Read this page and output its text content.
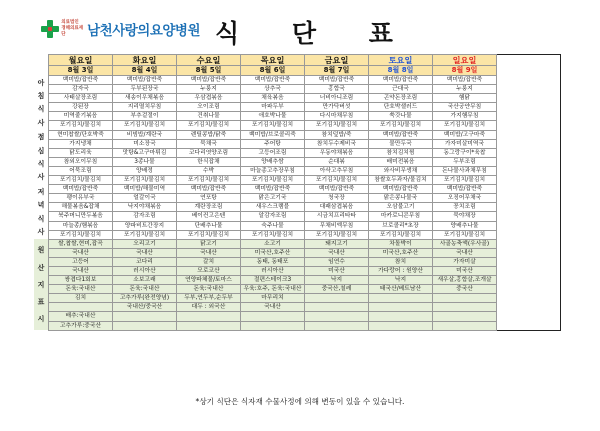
의료법인
경해의료재단	남천사랑의요양병원 식 단 표
아
침
식
사
점
심
식
사
저
녁
식
사
원
산
지
표
시
월요일	화요일	수요일	목요일	금요일	토요일	일요일
8월 3일	8월 4일	8월 5일	8월 6일	8월 7일	8월 8일	8월 9일
백미밥/잡반죽	백미밥/잡반죽	백미밥/잡반죽	백미밥/잡반죽	백미밥/잡반죽	백미밥/잡반죽	백미밥/잡반죽
감자국	두부된장국	누룽지	상추국	홍합국	근대국	누룽지
사태살장조림	새송이우채볶음	우삼겹볶음	채육볶음	너비아니조림	곤약돈장조림	햄닭
강된장	지리멸치무침	오이조림	마파두부	만가닥버섯	단호박샐러드	국산궁얀무침
미역줄기볶음	부추겉절이	건취나물	애호박나물	다시마채무침	쑥갓나물	가지햄무침
포기김치/물김치	포기김치/물김치	포기김치/물김치	포기김치/물김치	포기김치/물김치	포기김치/물김치	포기김치/물김치
현미찹쌀/단호박죽	비빔밥/계란국	렌틸콩밥/닭죽	백미밥/브로콜리죽	참치덮밥/죽	백미밥/잡반죽	백미밥/고구마죽
가지냉채	미소장국	묵채국	주어탕	참치두수제비국	물만두국	가자미살미역국
닭도리육	맛탕&고구마튀김	코다리엿양조림	고등어조림	우동야채볶음	참치김치찜	동그랑구이*육찹
참외오이무침	3종나물	한식잡채	양배추쌈	순대볶	배미전볶음	두부조림
어묵조림	양배정	수박	마늘종고추장무침	아삭고추무침	와사비무생채	돈나물사과채무침
포기김치/물김치	포기김치/물김치	포기김치/물김치	포기김치/물김치	포기김치/물김치	참쌀호두과자/물김치	포기김치/물김치
백미밥/잡반죽	백미밥/해물미역	백미밥/잡반죽	백미밥/잡반죽	백미밥/잡반죽	백미밥/잡반죽	백미밥/잡반죽
팽이유부국	얼갈이국	연포탕	맑은고기국	청국장	맑은콩나물국	오징어무채국
해물볶음&잡채	낙지야채볶음	계란장조림	새우스크램블	대패삼겹볶음	오삼불고기	꽁치조림
북주머니만두볶음	감자조림	베이컨고은텐	알감자조림	시금치프리타타	마카로니콘무침	묵야채장
마늘종/햄볶음	양파비트간장지	단배추나물	숙주나물	무채비엑무침	브로콜리*초장	양배추나물
포기김치/물김치	포기김치/물김치	포기김치/물김치	포기김치/물김치	포기김치/물김치	포기김치/물김치	포기김치/물김치
쌀,찹쌀,현미,잡곡	오리고기	닭고기	소고기	돼지고기	차돌박이	사골농축액(우사골)
국내산	국내산	국내산	미국산,호주산	국내산	미국산,호주산	국내산
고등어	코다리	갈치	동태, 동태포	임연수	참치	가자미살
국내산	러시아산	모로코산	러시아산	미국산	가다랑어 : 원양산	미국산
쌍겹다1회보	소보고래	연양파체물/토마스	절편스테이크3	낙지	낙지	새우살,홍합살,조개살
돈육:국내산	돈육:국내산	돈육:국내산	우육:호주, 돈육:국내산	중국산,칠레	태국산/베트남산	중국산
김치	고추가루(완전양념)	두부,연두부,순두부	마무리치			
	국내산/중국산	대두 : 외국산	국내산			
배추:국내산						
고추가루:중국산						
*상기 식단은 식자재 수물사정에 의해 변동이 있을 수 있습니다.
